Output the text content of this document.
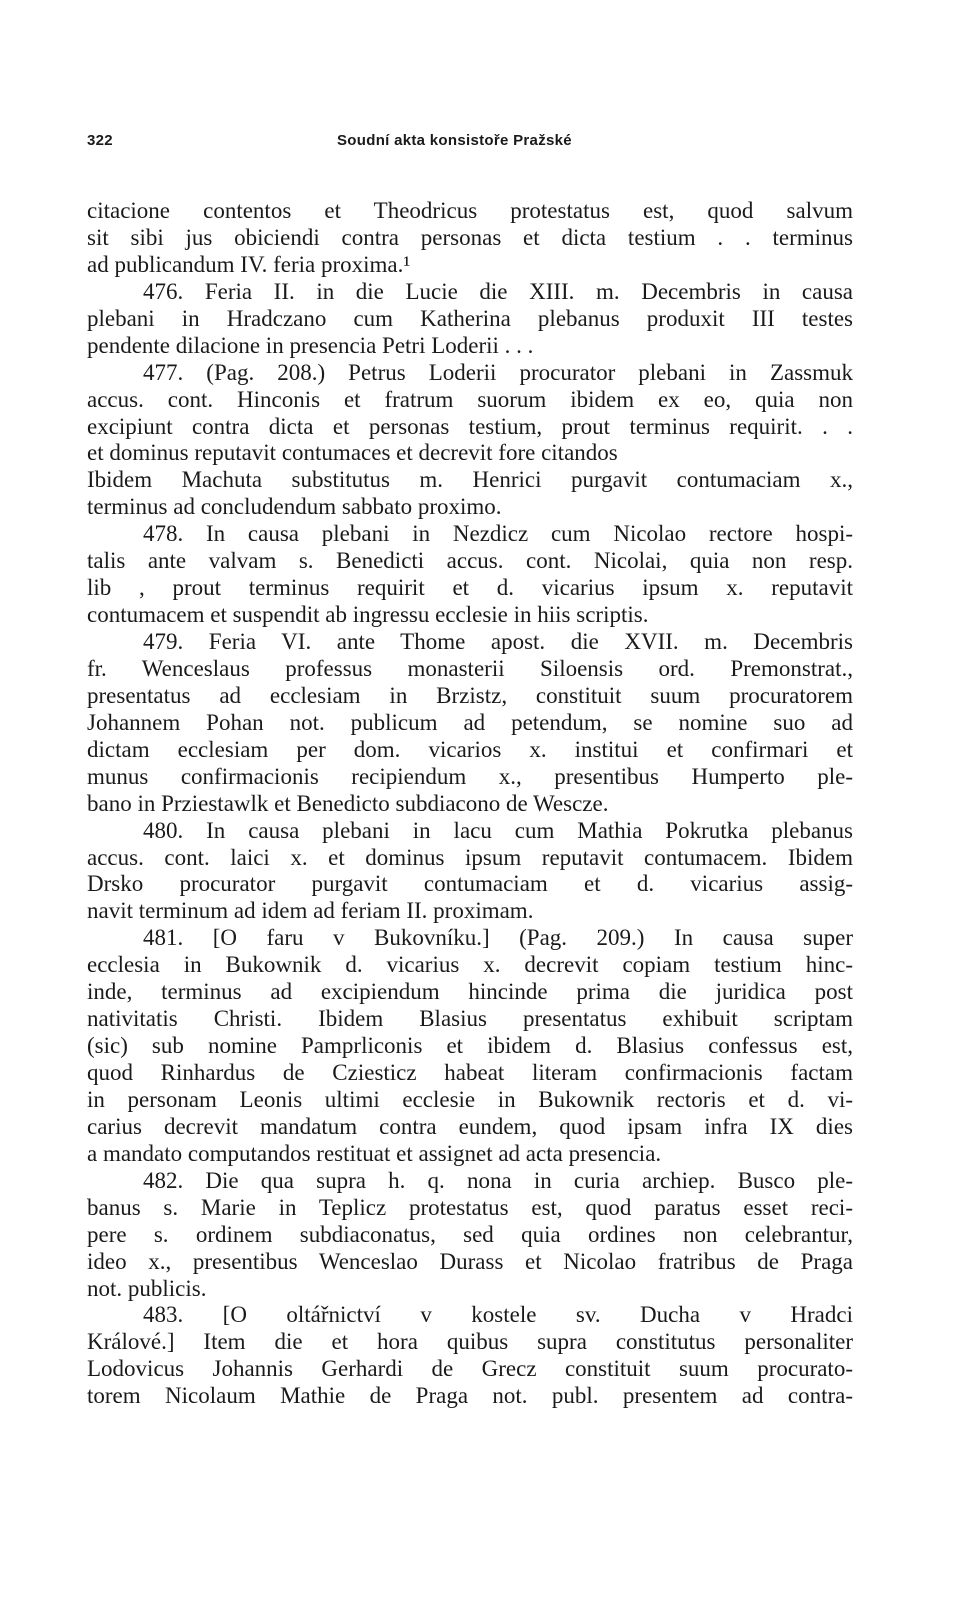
322	Soudní akta konsistoře Pražské
citacione contentos et Theodricus protestatus est, quod salvum
sit sibi jus obiciendi contra personas et dicta testium . . terminus
ad publicandum IV. feria proxima.¹
476. Feria II. in die Lucie die XIII. m. Decembris in causa
plebani in Hradczano cum Katherina plebanus produxit III testes
pendente dilacione in presencia Petri Loderii . . .
477. (Pag. 208.) Petrus Loderii procurator plebani in Zassmuk
accus. cont. Hinconis et fratrum suorum ibidem ex eo, quia non
excipiunt contra dicta et personas testium, prout terminus requirit. . .
et dominus reputavit contumaces et decrevit fore citandos
Ibidem Machuta substitutus m. Henrici purgavit contumaciam x.,
terminus ad concludendum sabbato proximo.
478. In causa plebani in Nezdicz cum Nicolao rectore hospi-
talis ante valvam s. Benedicti accus. cont. Nicolai, quia non resp.
lib , prout terminus requirit et d. vicarius ipsum x. reputavit
contumacem et suspendit ab ingressu ecclesie in hiis scriptis.
479. Feria VI. ante Thome apost. die XVII. m. Decembris
fr. Wenceslaus professus monasterii Siloensis ord. Premonstrat.,
presentatus ad ecclesiam in Brzistz, constituit suum procuratorem
Johannem Pohan not. publicum ad petendum, se nomine suo ad
dictam ecclesiam per dom. vicarios x. institui et confirmari et
munus confirmacionis recipiendum x., presentibus Humperto ple-
bano in Prziestawlk et Benedicto subdiacono de Wescze.
480. In causa plebani in lacu cum Mathia Pokrutka plebanus
accus. cont. laici x. et dominus ipsum reputavit contumacem. Ibidem
Drsko procurator purgavit contumaciam et d. vicarius assig-
navit terminum ad idem ad feriam II. proximam.
481. [O faru v Bukovníku.] (Pag. 209.) In causa super
ecclesia in Bukownik d. vicarius x. decrevit copiam testium hinc-
inde, terminus ad excipiendum hincinde prima die juridica post
nativitatis Christi. Ibidem Blasius presentatus exhibuit scriptam
(sic) sub nomine Pamprliconis et ibidem d. Blasius confessus est,
quod Rinhardus de Cziesticz habeat literam confirmacionis factam
in personam Leonis ultimi ecclesie in Bukownik rectoris et d. vi-
carius decrevit mandatum contra eundem, quod ipsam infra IX dies
a mandato computandos restituat et assignet ad acta presencia.
482. Die qua supra h. q. nona in curia archiep. Busco ple-
banus s. Marie in Teplicz protestatus est, quod paratus esset reci-
pere s. ordinem subdiaconatus, sed quia ordines non celebrantur,
ideo x., presentibus Wenceslao Durass et Nicolao fratribus de Praga
not. publicis.
483. [O oltářnictví v kostele sv. Ducha v Hradci
Králové.] Item die et hora quibus supra constitutus personaliter
Lodovicus Johannis Gerhardi de Grecz constituit suum procurato-
torem Nicolaum Mathie de Praga not. publ. presentem ad contra-
